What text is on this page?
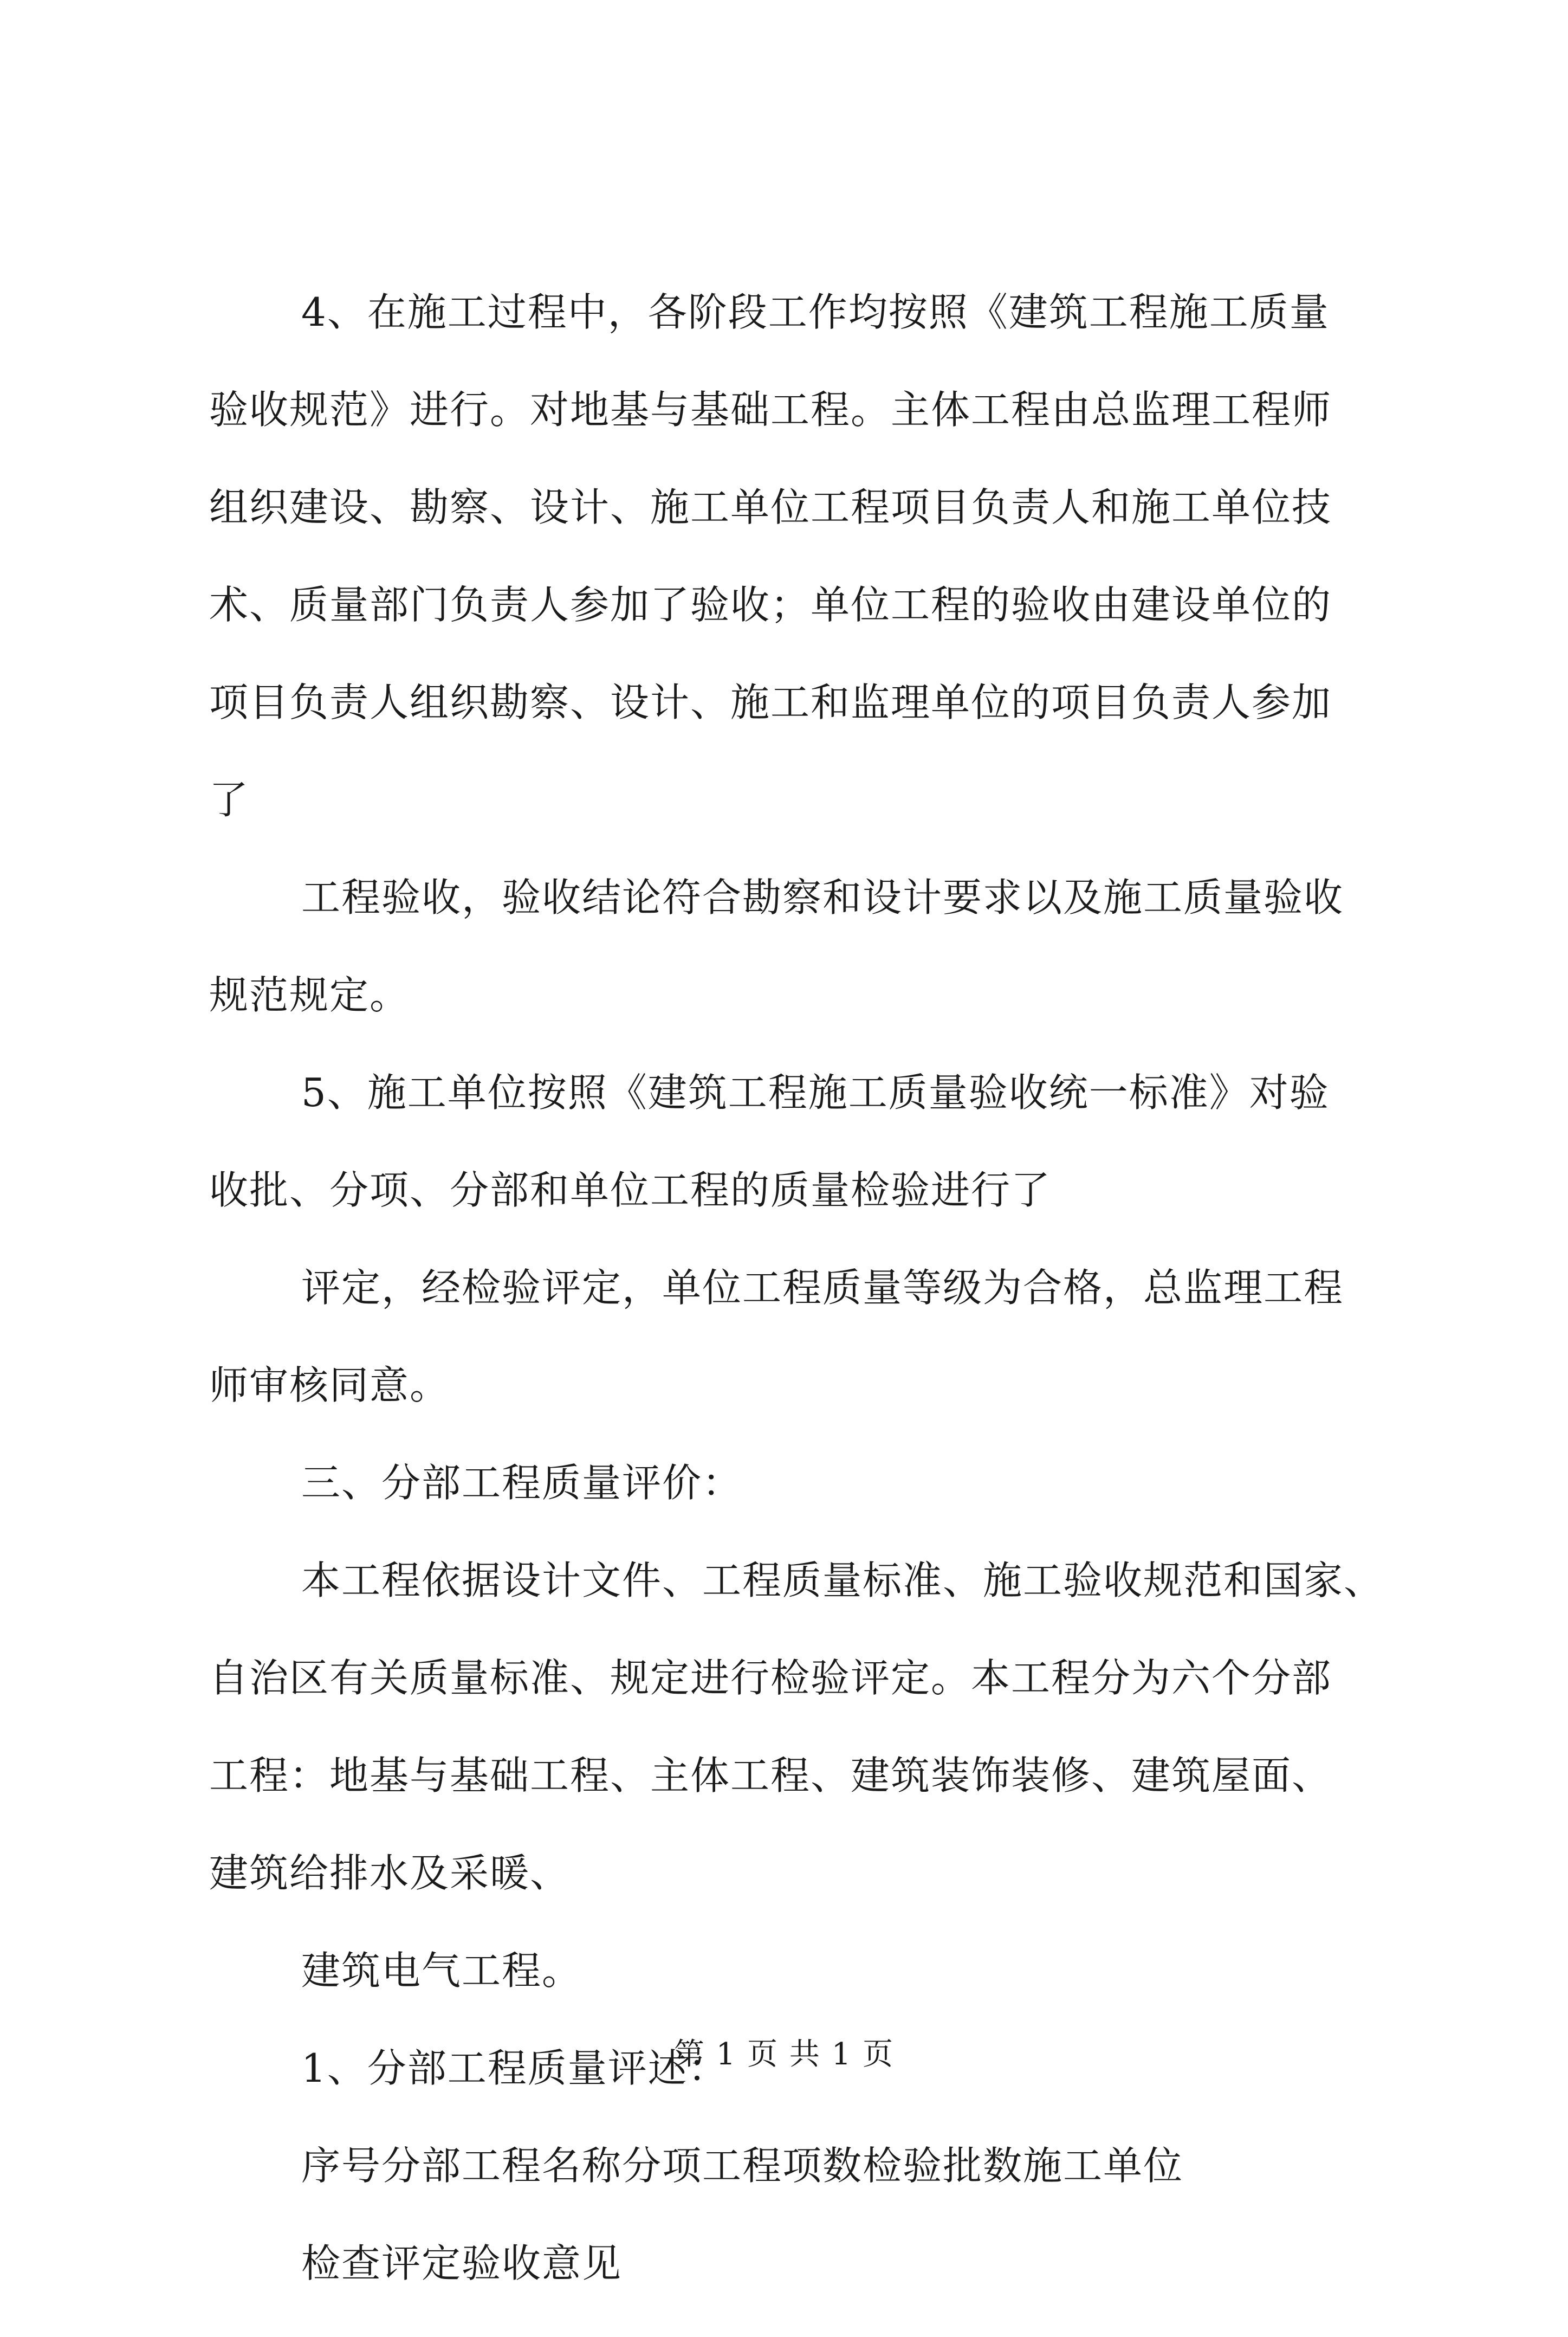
4、在施工过程中，各阶段工作均按照《建筑工程施工质量
验收规范》进行。对地基与基础工程。主体工程由总监理工程师
组织建设、勘察、设计、施工单位工程项目负责人和施工单位技
术、质量部门负责人参加了验收；单位工程的验收由建设单位的
项目负责人组织勘察、设计、施工和监理单位的项目负责人参加
了
工程验收，验收结论符合勘察和设计要求以及施工质量验收
规范规定。
5、施工单位按照《建筑工程施工质量验收统一标准》对验
收批、分项、分部和单位工程的质量检验进行了
评定，经检验评定，单位工程质量等级为合格，总监理工程
师审核同意。
三、分部工程质量评价：
本工程依据设计文件、工程质量标准、施工验收规范和国家、
自治区有关质量标准、规定进行检验评定。本工程分为六个分部
工程：地基与基础工程、主体工程、建筑装饰装修、建筑屋面、
建筑给排水及采暖、
建筑电气工程。
1、分部工程质量评述：
序号分部工程名称分项工程项数检验批数施工单位
检查评定验收意见
第 1 页 共 1 页
